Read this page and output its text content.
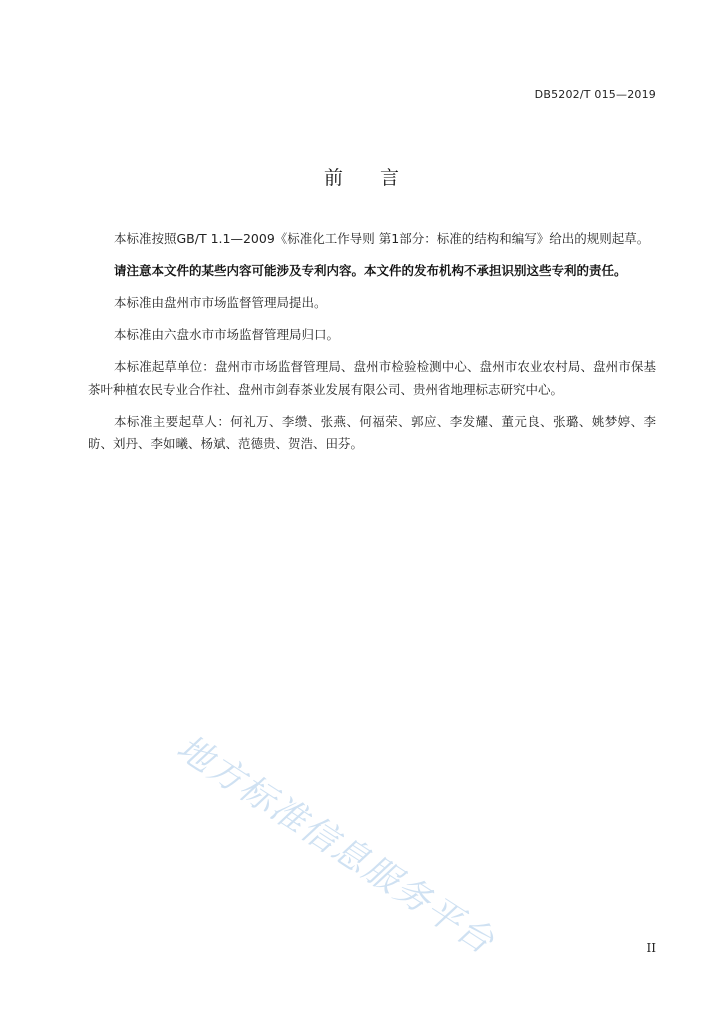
DB5202/T 015—2019
前 言

本标准按照GB/T 1.1—2009《标准化工作导则 第1部分：标准的结构和编写》给出的规则起草。

请注意本文件的某些内容可能涉及专利内容。本文件的发布机构不承担识别这些专利的责任。

本标准由盘州市市场监督管理局提出。

本标准由六盘水市市场监督管理局归口。

本标准起草单位：盘州市市场监督管理局、盘州市检验检测中心、盘州市农业农村局、盘州市保基茶叶种植农民专业合作社、盘州市剑春茶业发展有限公司、贵州省地理标志研究中心。

本标准主要起草人：何礼万、李缵、张燕、何福荣、郭应、李发耀、董元良、张璐、姚梦婷、李昉、刘丹、李如曦、杨斌、范德贵、贺浩、田芬。

地方标准信息服务平台	II
